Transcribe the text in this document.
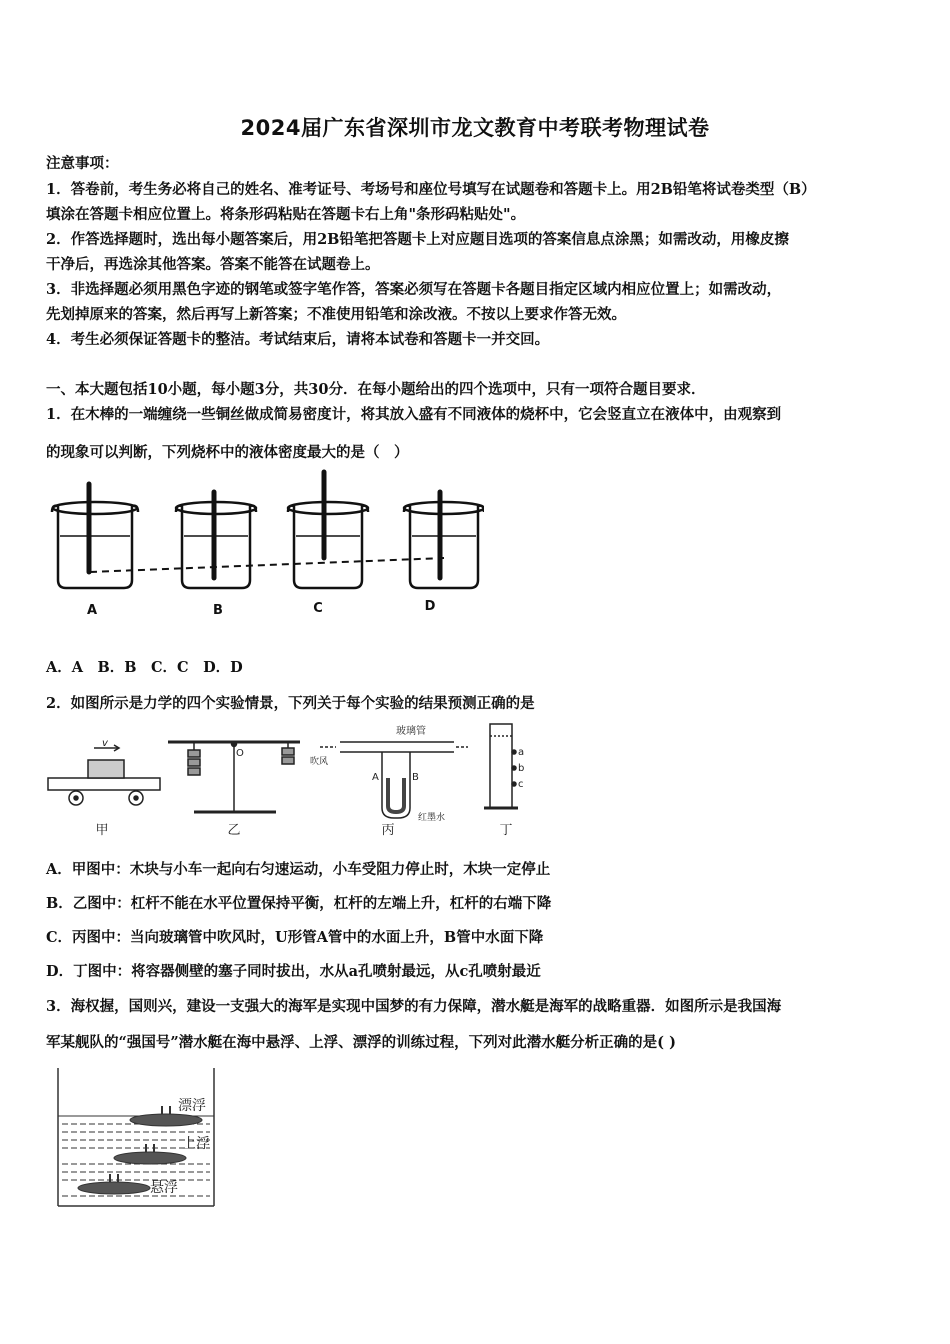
2024届广东省深圳市龙文教育中考联考物理试卷
注意事项：
1．答卷前，考生务必将自己的姓名、准考证号、考场号和座位号填写在试题卷和答题卡上。用2B铅笔将试卷类型（B）
填涂在答题卡相应位置上。将条形码粘贴在答题卡右上角"条形码粘贴处"。
2．作答选择题时，选出每小题答案后，用2B铅笔把答题卡上对应题目选项的答案信息点涂黑；如需改动，用橡皮擦
干净后，再选涂其他答案。答案不能答在试题卷上。
3．非选择题必须用黑色字迹的钢笔或签字笔作答，答案必须写在答题卡各题目指定区域内相应位置上；如需改动，
先划掉原来的答案，然后再写上新答案；不准使用铅笔和涂改液。不按以上要求作答无效。
4．考生必须保证答题卡的整洁。考试结束后，请将本试卷和答题卡一并交回。
一、本大题包括10小题，每小题3分，共30分．在每小题给出的四个选项中，只有一项符合题目要求．
1．在木棒的一端缠绕一些铜丝做成简易密度计，将其放入盛有不同液体的烧杯中，它会竖直立在液体中，由观察到
的现象可以判断，下列烧杯中的液体密度最大的是（　）
A	B	C	D
A．A　B．B　C．C　D．D
2．如图所示是力学的四个实验情景，下列关于每个实验的结果预测正确的是
v
O
玻璃管
吹风
A	B
红墨水
a
b
c
甲	乙	丙	丁
A．甲图中：木块与小车一起向右匀速运动，小车受阻力停止时，木块一定停止
B．乙图中：杠杆不能在水平位置保持平衡，杠杆的左端上升，杠杆的右端下降
C．丙图中：当向玻璃管中吹风时，U形管A管中的水面上升，B管中水面下降
D．丁图中：将容器侧壁的塞子同时拔出，水从a孔喷射最远，从c孔喷射最近
3．海权握，国则兴，建设一支强大的海军是实现中国梦的有力保障，潜水艇是海军的战略重器．如图所示是我国海
军某舰队的“强国号”潜水艇在海中悬浮、上浮、漂浮的训练过程，下列对此潜水艇分析正确的是( )
漂浮
上浮
悬浮
